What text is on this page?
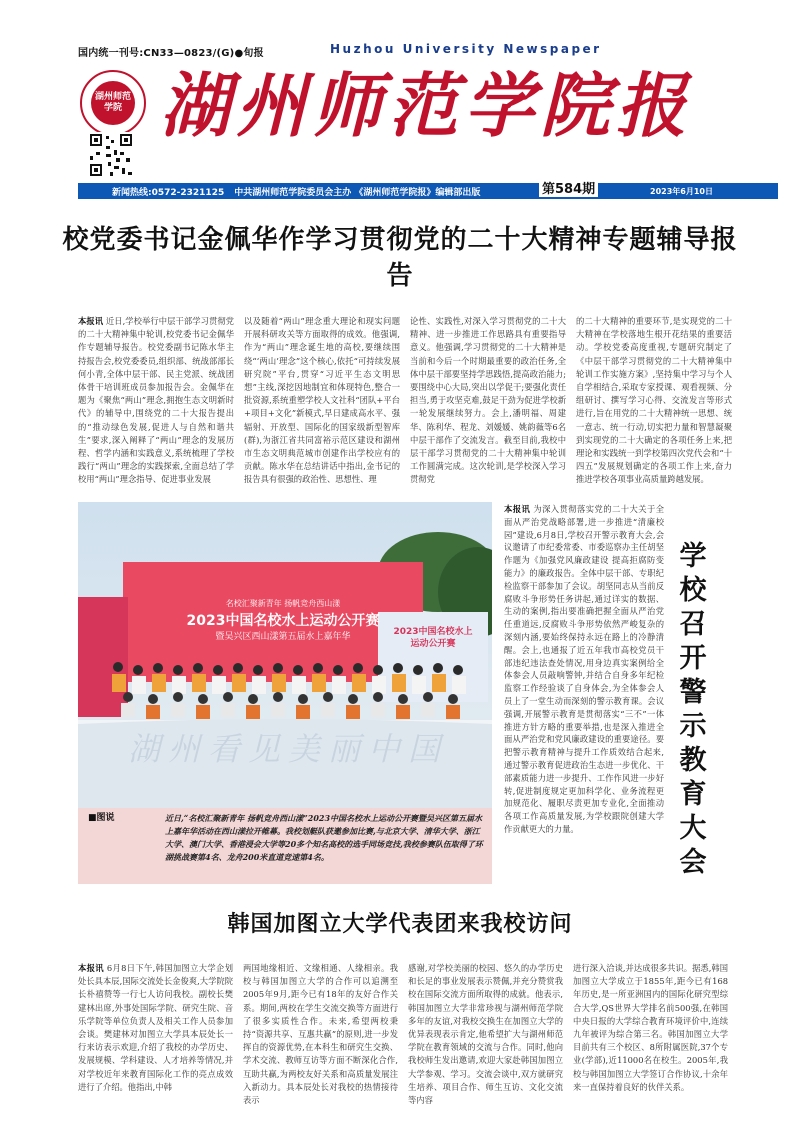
国内统一刊号:CN33—0823/(G)●旬报	Huzhou University Newspaper
湖州师范学院 湖州师范学院报
新闻热线:0572-2321125 中共湖州师范学院委员会主办 《湖州师范学院报》编辑部出版	第584期	2023年6月10日
校党委书记金佩华作学习贯彻党的二十大精神专题辅导报告
本报讯 近日,学校举行中层干部学习贯彻党的二十大精神集中轮训,校党委书记金佩华作专题辅导报告。校党委副书记陈水华主持报告会,校党委委员,组织部、统战部部长何小青,全体中层干部、民主党派、统战团体骨干培训班成员参加报告会。金佩华在题为《聚焦“两山”理念,拥抱生态文明新时代》的辅导中,围绕党的二十大报告提出的“推动绿色发展,促进人与自然和谐共生”要求,深入阐释了“两山”理念的发展历程、哲学内涵和实践意义,系统梳理了学校践行“两山”理念的实践探索,全面总结了学校用“两山”理念指导、促进事业发展
以及随着“两山”理念重大理论和现实问题开展科研攻关等方面取得的成效。他强调,作为“两山”理念诞生地的高校,要继续围绕“‘两山’理念”这个核心,依托“可持续发展研究院”平台,贯穿“习近平生态文明思想”主线,深挖因地制宜和体现特色,整合一批资源,系统重塑学校人文社科“团队+平台+项目+文化”新模式,早日建成高水平、强辐射、开放型、国际化的国家级新型智库(群),为浙江省共同富裕示范区建设和湖州市生态文明典范城市创建作出学校应有的贡献。陈水华在总结讲话中指出,金书记的报告具有很强的政治性、思想性、理
论性、实践性,对深入学习贯彻党的二十大精神、进一步推进工作思路具有重要指导意义。他强调,学习贯彻党的二十大精神是当前和今后一个时期最重要的政治任务,全体中层干部要坚持学思践悟,提高政治能力;要围绕中心大局,突出以学促干;要强化责任担当,勇于攻坚克难,鼓足干劲为促进学校新一轮发展继续努力。会上,潘明福、周建华、陈利华、程龙、刘媛媛、姚韵薇等6名中层干部作了交流发言。截至目前,我校中层干部学习贯彻党的二十大精神集中轮训工作圆满完成。这次轮训,是学校深入学习贯彻党
的二十大精神的重要环节,是实现党的二十大精神在学校落地生根开花结果的重要活动。学校党委高度重视,专题研究制定了《中层干部学习贯彻党的二十大精神集中轮训工作实施方案》,坚持集中学习与个人自学相结合,采取专家授课、观看视频、分组研讨、撰写学习心得、交流发言等形式进行,旨在用党的二十大精神统一思想、统一意志、统一行动,切实把力量和智慧凝聚到实现党的二十大确定的各项任务上来,把理论和实践统一到学校第四次党代会和“十四五”发展规划确定的各项工作上来,奋力推进学校各项事业高质量跨越发展。
名校汇聚新青年 扬帆竞舟西山漾
2023中国名校水上运动公开赛
暨吴兴区西山漾第五届水上嘉年华	2023中国名校水上运动公开赛
湖州看见美丽中国
■图说	近日,“名校汇聚新青年 扬帆竞舟西山漾”2023中国名校水上运动公开赛暨吴兴区第五届水上嘉年华活动在西山漾拉开帷幕。我校划艇队获邀参加比赛,与北京大学、清华大学、浙江大学、澳门大学、香港浸会大学等20多个知名高校的选手同场竞技,我校参赛队伍取得了环湖挑战赛第4名、龙舟200米直道竞速第4名。
本报讯 为深入贯彻落实党的二十大关于全面从严治党战略部署,进一步推进“清廉校园”建设,6月8日,学校召开警示教育大会,会议邀请了市纪委常委、市委巡察办主任胡坚作题为《加强党风廉政建设 提高拒腐防变能力》的廉政报告。全体中层干部、专职纪检监察干部参加了会议。胡坚同志从当前反腐败斗争形势任务讲起,通过详实的数据、生动的案例,指出要准确把握全面从严治党任重道远,反腐败斗争形势依然严峻复杂的深刻内涵,要始终保持永远在路上的冷静清醒。会上,也通报了近五年我市高校党员干部违纪违法查处情况,用身边真实案例给全体参会人员敲响警钟,并结合自身多年纪检监察工作经验谈了自身体会,为全体参会人员上了一堂生动而深刻的警示教育课。会议强调,开展警示教育是贯彻落实“三不”一体推进方针方略的重要举措,也是深入推进全面从严治党和党风廉政建设的重要途径。要把警示教育精神与提升工作质效结合起来,通过警示教育促进政治生态进一步优化、干部素质能力进一步提升、工作作风进一步好转,促进制度规定更加科学化、业务流程更加规范化、履职尽责更加专业化,全面推动各项工作高质量发展,为学校跟院创建大学作贡献更大的力量。
学校召开警示教育大会
韩国加图立大学代表团来我校访问
本报讯 6月8日下午,韩国加图立大学企划处长具本辰,国际交流处长金俊爽,大学院院长朴禧赞等一行七人访问我校。副校长樊建林出席,外事处国际学院、研究生院、音乐学院等单位负责人及相关工作人员参加会谈。樊建林对加图立大学具本辰处长一行来访表示欢迎,介绍了我校的办学历史、发展规模、学科建设、人才培养等情况,并对学校近年来教育国际化工作的亮点成效进行了介绍。他指出,中韩
两国地缘相近、文缘相通、人缘相亲。我校与韩国加图立大学的合作可以追溯至2005年9月,距今已有18年的友好合作关系。期间,两校在学生交流交换等方面进行了很多实质性合作。未来,希望两校秉持“资源共享、互惠共赢”的原则,进一步发挥自的资源优势,在本科生和研究生交换、学术交流、教师互访等方面不断深化合作,互助共赢,为两校友好关系和高质量发展注入新动力。具本辰处长对我校的热情接待表示
感谢,对学校美丽的校园、悠久的办学历史和长足的事业发展表示赞佩,并充分赞赏我校在国际交流方面所取得的成就。他表示,韩国加图立大学非常珍视与湖州师范学院多年的友谊,对我校交换生在加图立大学的优异表现表示肯定,他希望扩大与湖州师范学院在教育领域的交流与合作。同时,他向我校师生发出邀请,欢迎大家赴韩国加图立大学参观、学习。交流会谈中,双方就研究生培养、项目合作、师生互访、文化交流等内容
进行深入洽谈,并达成很多共识。据悉,韩国加图立大学成立于1855年,距今已有168年历史,是一所亚洲国内的国际化研究型综合大学,QS世界大学排名前500强,在韩国中央日报的大学综合教育环境评价中,连续九年被评为综合第三名。韩国加图立大学目前共有三个校区、8所附属医院,37个专业(学部),近11000名在校生。2005年,我校与韩国加图立大学签订合作协议,十余年来一直保持着良好的伙伴关系。
